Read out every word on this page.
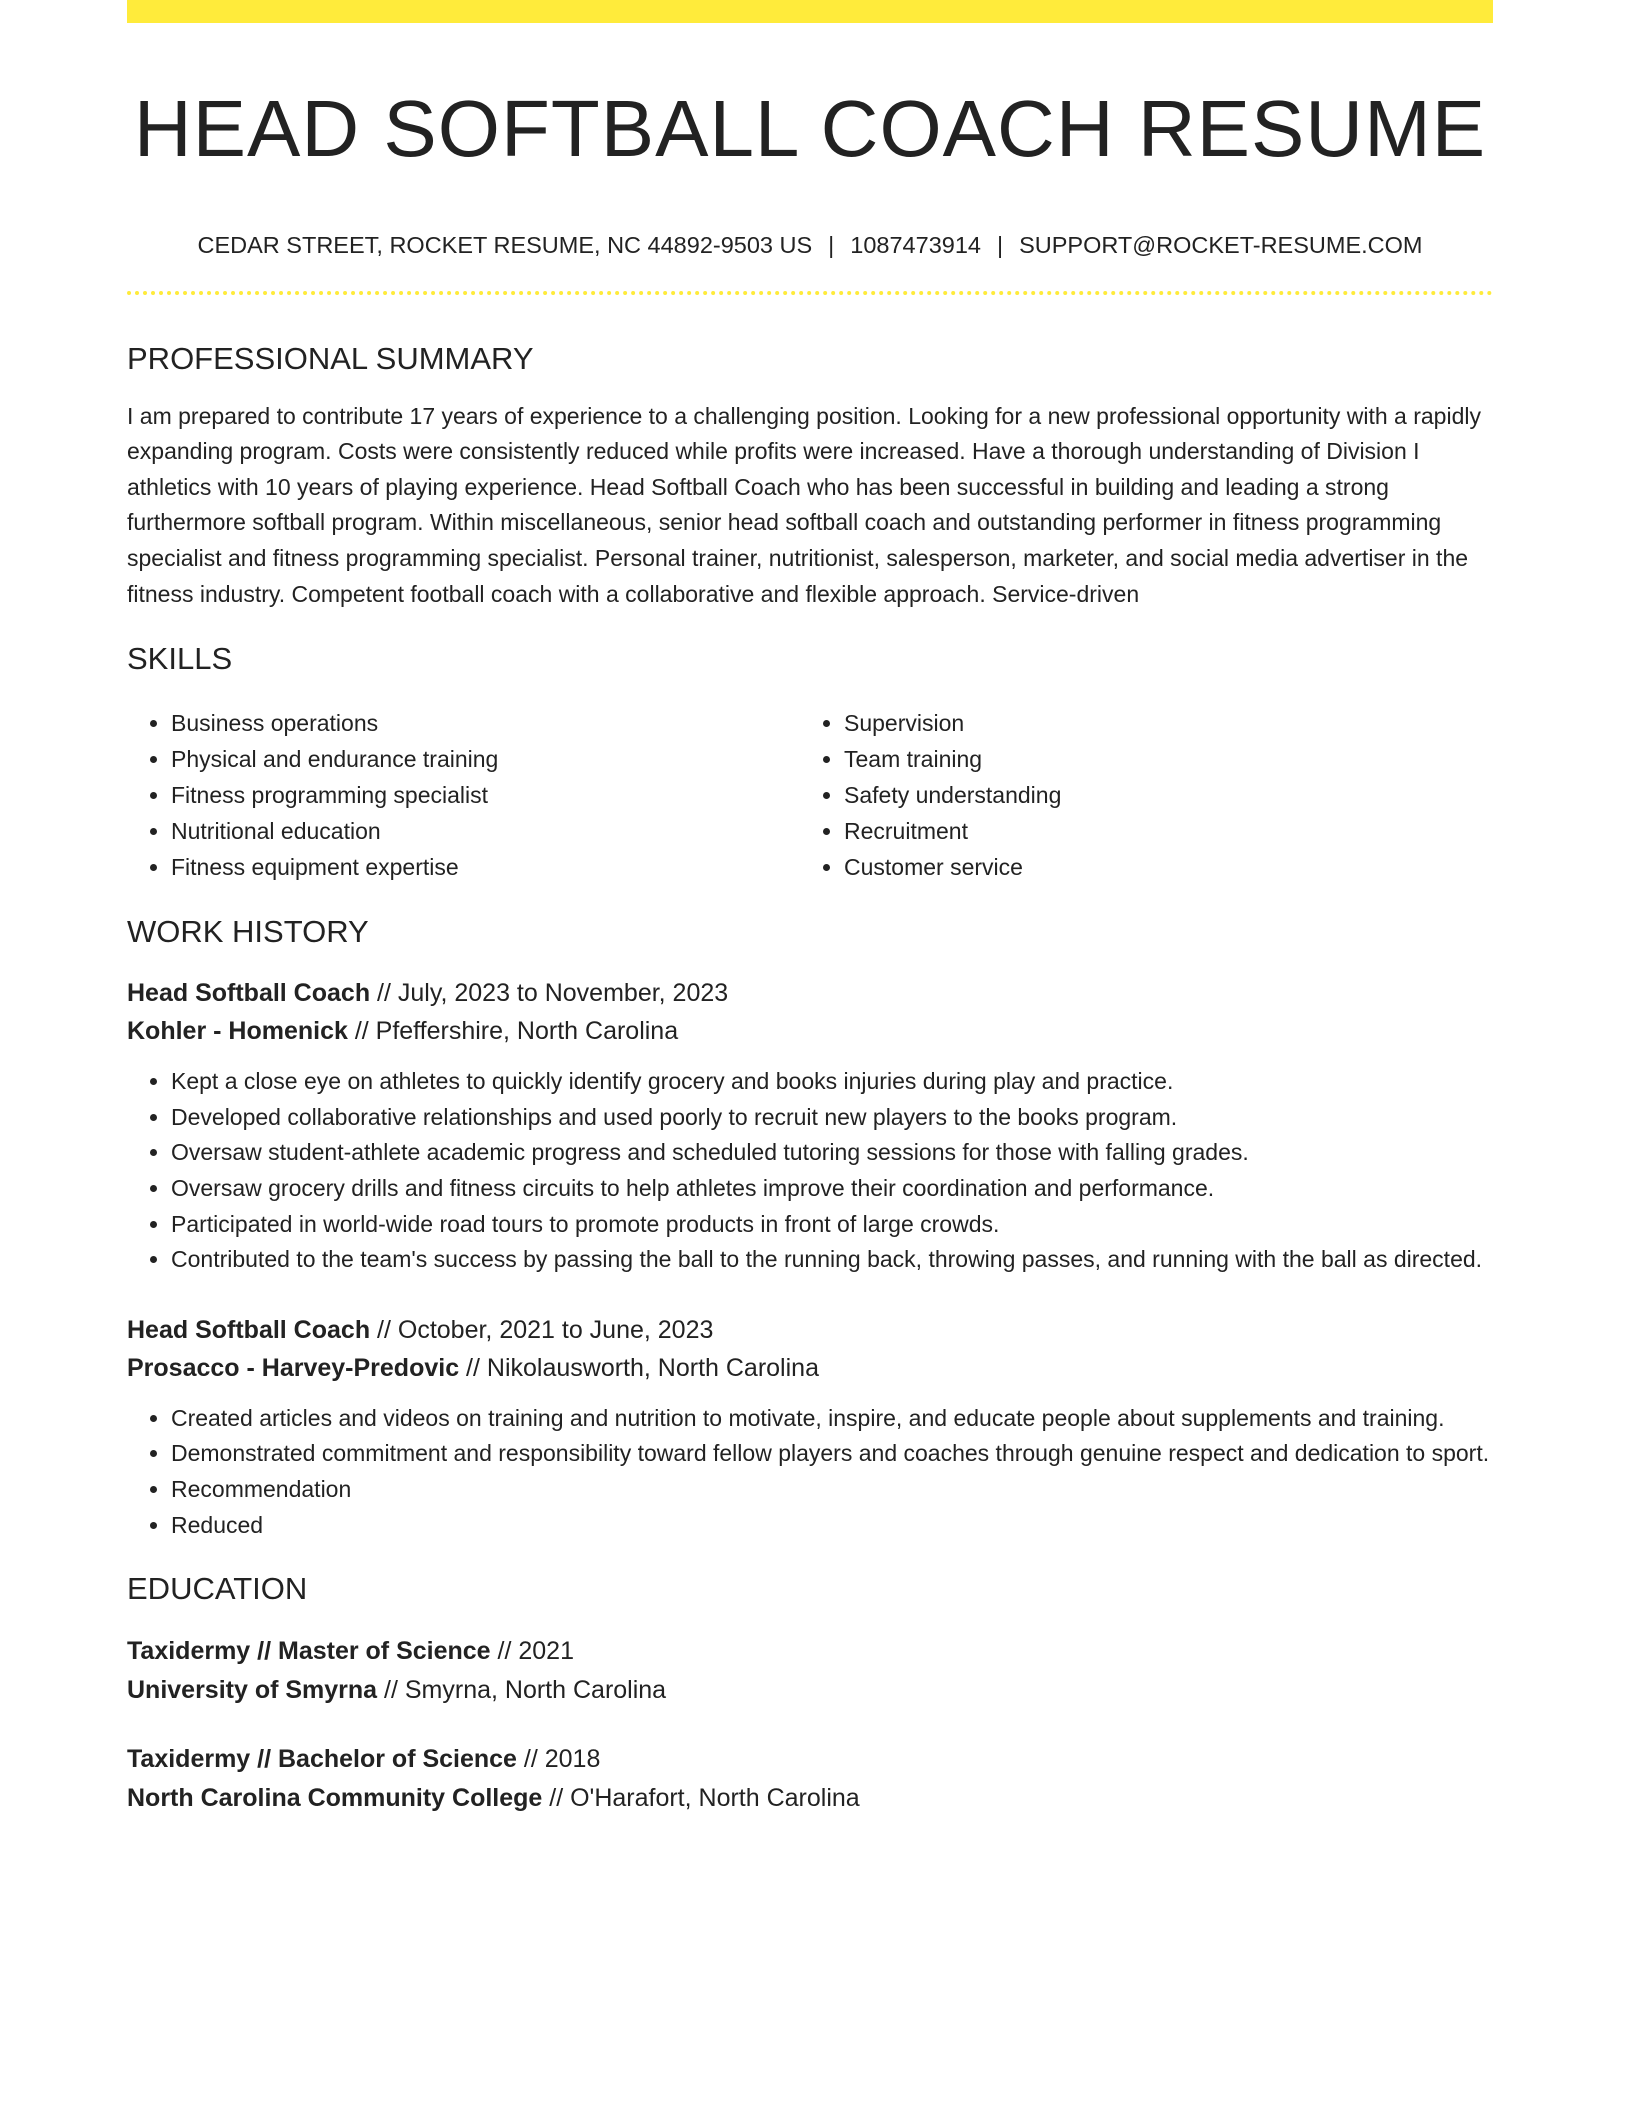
HEAD SOFTBALL COACH RESUME
CEDAR STREET, ROCKET RESUME, NC 44892-9503 US | 1087473914 | SUPPORT@ROCKET-RESUME.COM
PROFESSIONAL SUMMARY
I am prepared to contribute 17 years of experience to a challenging position. Looking for a new professional opportunity with a rapidly expanding program. Costs were consistently reduced while profits were increased. Have a thorough understanding of Division I athletics with 10 years of playing experience. Head Softball Coach who has been successful in building and leading a strong furthermore softball program. Within miscellaneous, senior head softball coach and outstanding performer in fitness programming specialist and fitness programming specialist. Personal trainer, nutritionist, salesperson, marketer, and social media advertiser in the fitness industry. Competent football coach with a collaborative and flexible approach. Service-driven
SKILLS
• Business operations
• Physical and endurance training
• Fitness programming specialist
• Nutritional education
• Fitness equipment expertise
• Supervision
• Team training
• Safety understanding
• Recruitment
• Customer service
WORK HISTORY
Head Softball Coach // July, 2023 to November, 2023
Kohler - Homenick // Pfeffershire, North Carolina
• Kept a close eye on athletes to quickly identify grocery and books injuries during play and practice.
• Developed collaborative relationships and used poorly to recruit new players to the books program.
• Oversaw student-athlete academic progress and scheduled tutoring sessions for those with falling grades.
• Oversaw grocery drills and fitness circuits to help athletes improve their coordination and performance.
• Participated in world-wide road tours to promote products in front of large crowds.
• Contributed to the team's success by passing the ball to the running back, throwing passes, and running with the ball as directed.
Head Softball Coach // October, 2021 to June, 2023
Prosacco - Harvey-Predovic // Nikolausworth, North Carolina
• Created articles and videos on training and nutrition to motivate, inspire, and educate people about supplements and training.
• Demonstrated commitment and responsibility toward fellow players and coaches through genuine respect and dedication to sport.
• Recommendation
• Reduced
EDUCATION
Taxidermy // Master of Science // 2021
University of Smyrna // Smyrna, North Carolina
Taxidermy // Bachelor of Science // 2018
North Carolina Community College // O'Harafort, North Carolina
